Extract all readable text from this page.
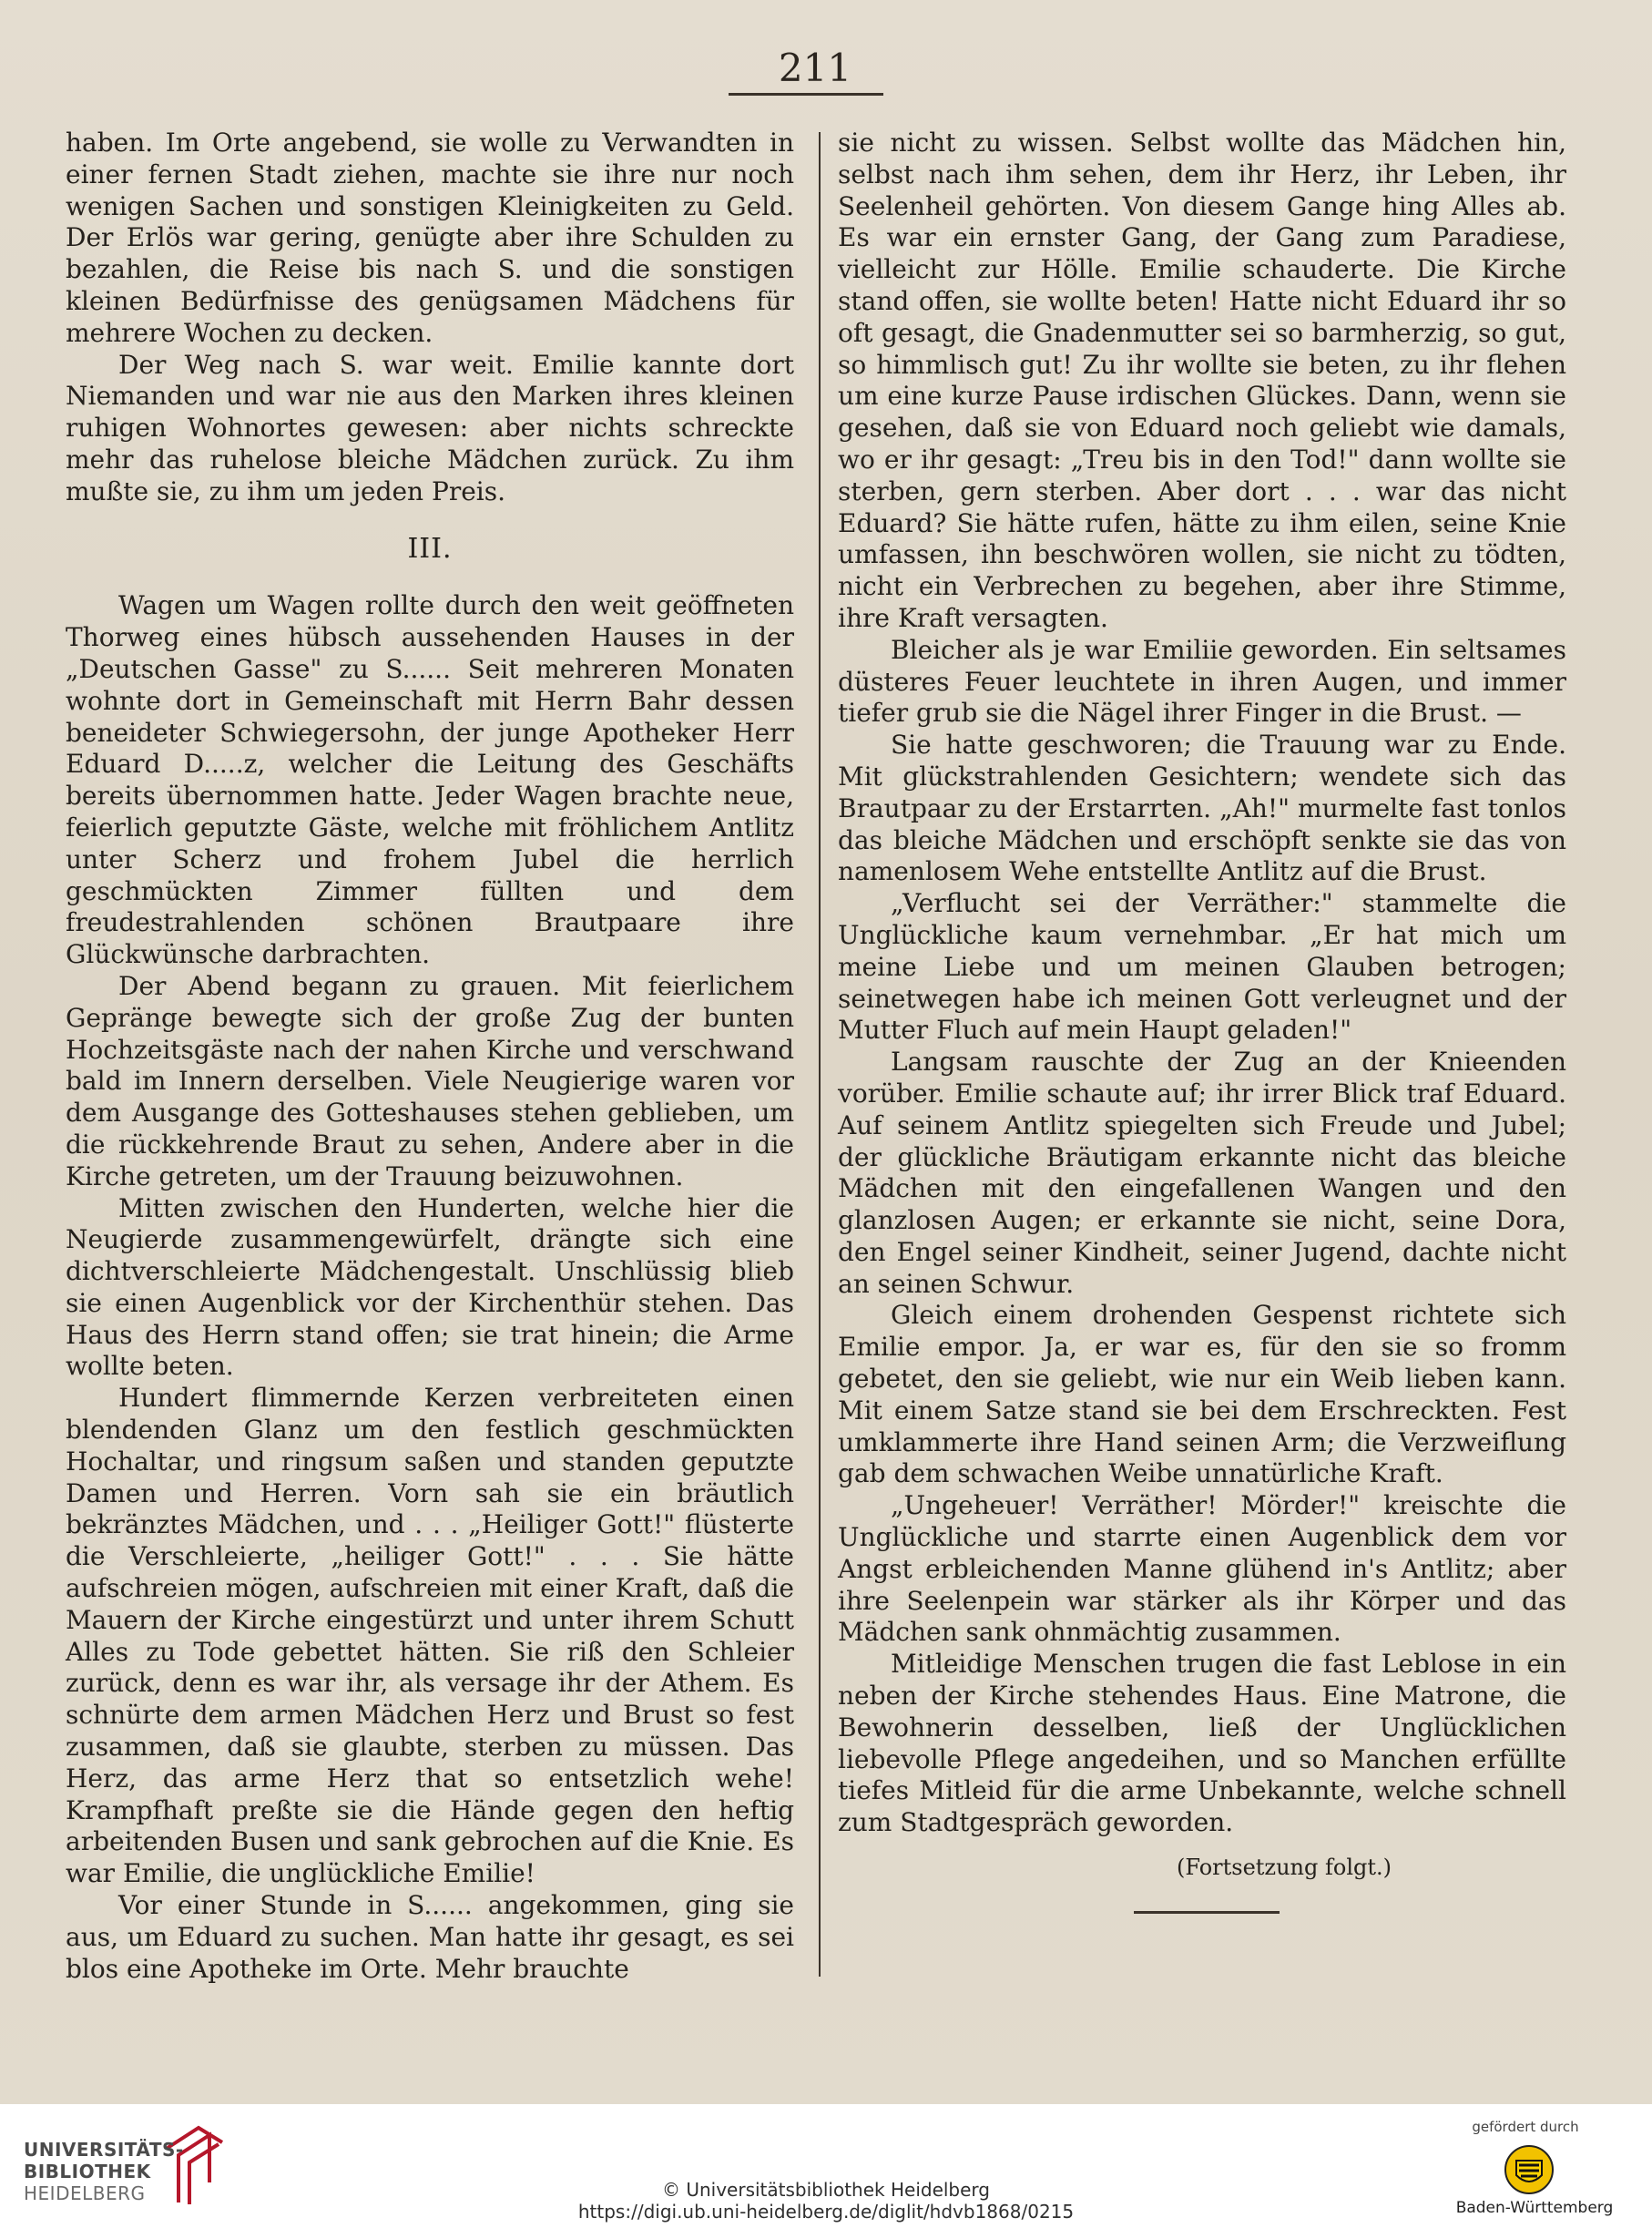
211

haben. Im Orte angebend, sie wolle zu Verwandten in einer fernen Stadt ziehen, machte sie ihre nur noch wenigen Sachen und sonstigen Kleinigkeiten zu Geld. Der Erlös war gering, genügte aber ihre Schulden zu bezahlen, die Reise bis nach S. und die sonstigen kleinen Bedürfnisse des genügsamen Mädchens für mehrere Wochen zu decken.

Der Weg nach S. war weit. Emilie kannte dort Niemanden und war nie aus den Marken ihres kleinen ruhigen Wohnortes gewesen: aber nichts schreckte mehr das ruhelose bleiche Mädchen zurück. Zu ihm mußte sie, zu ihm um jeden Preis.

III.

Wagen um Wagen rollte durch den weit geöffneten Thorweg eines hübsch aussehenden Hauses in der „Deutschen Gasse" zu S...... Seit mehreren Monaten wohnte dort in Gemeinschaft mit Herrn Bahr dessen beneideter Schwiegersohn, der junge Apotheker Herr Eduard D.....z, welcher die Leitung des Geschäfts bereits übernommen hatte. Jeder Wagen brachte neue, feierlich geputzte Gäste, welche mit fröhlichem Antlitz unter Scherz und frohem Jubel die herrlich geschmückten Zimmer füllten und dem freudestrahlenden schönen Brautpaare ihre Glückwünsche darbrachten.

Der Abend begann zu grauen. Mit feierlichem Gepränge bewegte sich der große Zug der bunten Hochzeitsgäste nach der nahen Kirche und verschwand bald im Innern derselben. Viele Neugierige waren vor dem Ausgange des Gotteshauses stehen geblieben, um die rückkehrende Braut zu sehen, Andere aber in die Kirche getreten, um der Trauung beizuwohnen.

Mitten zwischen den Hunderten, welche hier die Neugierde zusammengewürfelt, drängte sich eine dichtverschleierte Mädchengestalt. Unschlüssig blieb sie einen Augenblick vor der Kirchenthür stehen. Das Haus des Herrn stand offen; sie trat hinein; die Arme wollte beten.

Hundert flimmernde Kerzen verbreiteten einen blendenden Glanz um den festlich geschmückten Hochaltar, und ringsum saßen und standen geputzte Damen und Herren. Vorn sah sie ein bräutlich bekränztes Mädchen, und . . . „Heiliger Gott!" flüsterte die Verschleierte, „heiliger Gott!" . . . Sie hätte aufschreien mögen, aufschreien mit einer Kraft, daß die Mauern der Kirche eingestürzt und unter ihrem Schutt Alles zu Tode gebettet hätten. Sie riß den Schleier zurück, denn es war ihr, als versage ihr der Athem. Es schnürte dem armen Mädchen Herz und Brust so fest zusammen, daß sie glaubte, sterben zu müssen. Das Herz, das arme Herz that so entsetzlich wehe! Krampfhaft preßte sie die Hände gegen den heftig arbeitenden Busen und sank gebrochen auf die Knie. Es war Emilie, die unglückliche Emilie!

Vor einer Stunde in S...... angekommen, ging sie aus, um Eduard zu suchen. Man hatte ihr gesagt, es sei blos eine Apotheke im Orte. Mehr brauchte

sie nicht zu wissen. Selbst wollte das Mädchen hin, selbst nach ihm sehen, dem ihr Herz, ihr Leben, ihr Seelenheil gehörten. Von diesem Gange hing Alles ab. Es war ein ernster Gang, der Gang zum Paradiese, vielleicht zur Hölle. Emilie schauderte. Die Kirche stand offen, sie wollte beten! Hatte nicht Eduard ihr so oft gesagt, die Gnadenmutter sei so barmherzig, so gut, so himmlisch gut! Zu ihr wollte sie beten, zu ihr flehen um eine kurze Pause irdischen Glückes. Dann, wenn sie gesehen, daß sie von Eduard noch geliebt wie damals, wo er ihr gesagt: „Treu bis in den Tod!" dann wollte sie sterben, gern sterben. Aber dort . . . war das nicht Eduard? Sie hätte rufen, hätte zu ihm eilen, seine Knie umfassen, ihn beschwören wollen, sie nicht zu tödten, nicht ein Verbrechen zu begehen, aber ihre Stimme, ihre Kraft versagten.

Bleicher als je war Emiliie geworden. Ein seltsames düsteres Feuer leuchtete in ihren Augen, und immer tiefer grub sie die Nägel ihrer Finger in die Brust. —

Sie hatte geschworen; die Trauung war zu Ende. Mit glückstrahlenden Gesichtern; wendete sich das Brautpaar zu der Erstarrten. „Ah!" murmelte fast tonlos das bleiche Mädchen und erschöpft senkte sie das von namenlosem Wehe entstellte Antlitz auf die Brust.

„Verflucht sei der Verräther:" stammelte die Unglückliche kaum vernehmbar. „Er hat mich um meine Liebe und um meinen Glauben betrogen; seinetwegen habe ich meinen Gott verleugnet und der Mutter Fluch auf mein Haupt geladen!"

Langsam rauschte der Zug an der Knieenden vorüber. Emilie schaute auf; ihr irrer Blick traf Eduard. Auf seinem Antlitz spiegelten sich Freude und Jubel; der glückliche Bräutigam erkannte nicht das bleiche Mädchen mit den eingefallenen Wangen und den glanzlosen Augen; er erkannte sie nicht, seine Dora, den Engel seiner Kindheit, seiner Jugend, dachte nicht an seinen Schwur.

Gleich einem drohenden Gespenst richtete sich Emilie empor. Ja, er war es, für den sie so fromm gebetet, den sie geliebt, wie nur ein Weib lieben kann. Mit einem Satze stand sie bei dem Erschreckten. Fest umklammerte ihre Hand seinen Arm; die Verzweiflung gab dem schwachen Weibe unnatürliche Kraft.

„Ungeheuer! Verräther! Mörder!" kreischte die Unglückliche und starrte einen Augenblick dem vor Angst erbleichenden Manne glühend in's Antlitz; aber ihre Seelenpein war stärker als ihr Körper und das Mädchen sank ohnmächtig zusammen.

Mitleidige Menschen trugen die fast Leblose in ein neben der Kirche stehendes Haus. Eine Matrone, die Bewohnerin desselben, ließ der Unglücklichen liebevolle Pflege angedeihen, und so Manchen erfüllte tiefes Mitleid für die arme Unbekannte, welche schnell zum Stadtgespräch geworden.

(Fortsetzung folgt.)
UNIVERSITÄTS-
BIBLIOTHEK
HEIDELBERG	© Universitätsbibliothek Heidelberg
https://digi.ub.uni-heidelberg.de/diglit/hdvb1868/0215
gefördert durch
Baden-Württemberg
